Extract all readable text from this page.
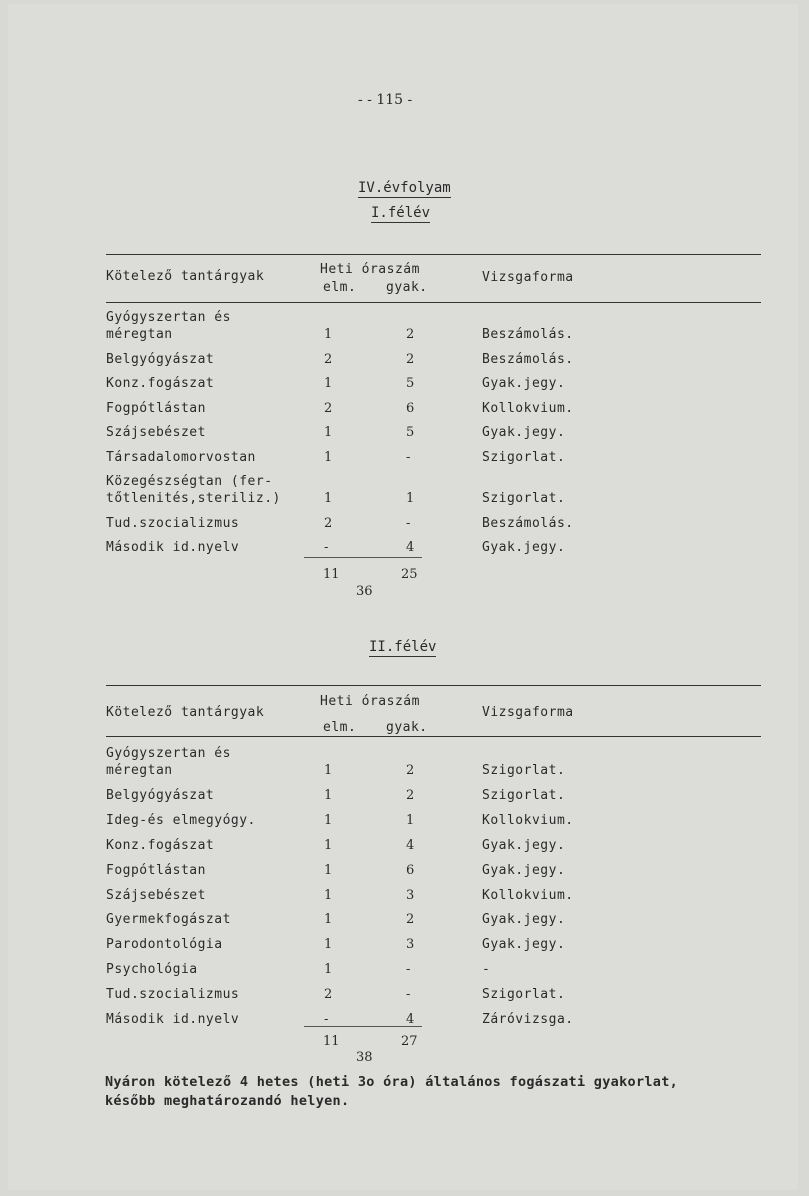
- - 115 -
IV.évfolyam
I.félév
Kötelező tantárgyak	Heti óraszám
elm. gyak.
Vizsgaforma
Gyógyszertan és
méregtan	1	2	Beszámolás.
Belgyógyászat	2	2	Beszámolás.
Konz.fogászat	1	5	Gyak.jegy.
Fogpótlástan	2	6	Kollokvium.
Szájsebészet	1	5	Gyak.jegy.
Társadalomorvostan	1	-	Szigorlat.
Közegészségtan (fer-
tőtlenités,steriliz.)	1	1	Szigorlat.
Tud.szocializmus	2	-	Beszámolás.
Második id.nyelv	-	4	Gyak.jegy.
11	25
36
II.félév
Kötelező tantárgyak
Heti óraszám
elm. gyak.
Vizsgaforma
Gyógyszertan és
méregtan	1	2	Szigorlat.
Belgyógyászat	1	2	Szigorlat.
Ideg-és elmegyógy.	1	1	Kollokvium.
Konz.fogászat	1	4	Gyak.jegy.
Fogpótlástan	1	6	Gyak.jegy.
Szájsebészet	1	3	Kollokvium.
Gyermekfogászat	1	2	Gyak.jegy.
Parodontológia	1	3	Gyak.jegy.
Psychológia	1	-	-
Tud.szocializmus	2	-	Szigorlat.
Második id.nyelv	-	4	Záróvizsga.
11	27
38
Nyáron kötelező 4 hetes (heti 3o óra) általános fogászati gyakorlat,
később meghatározandó helyen.
